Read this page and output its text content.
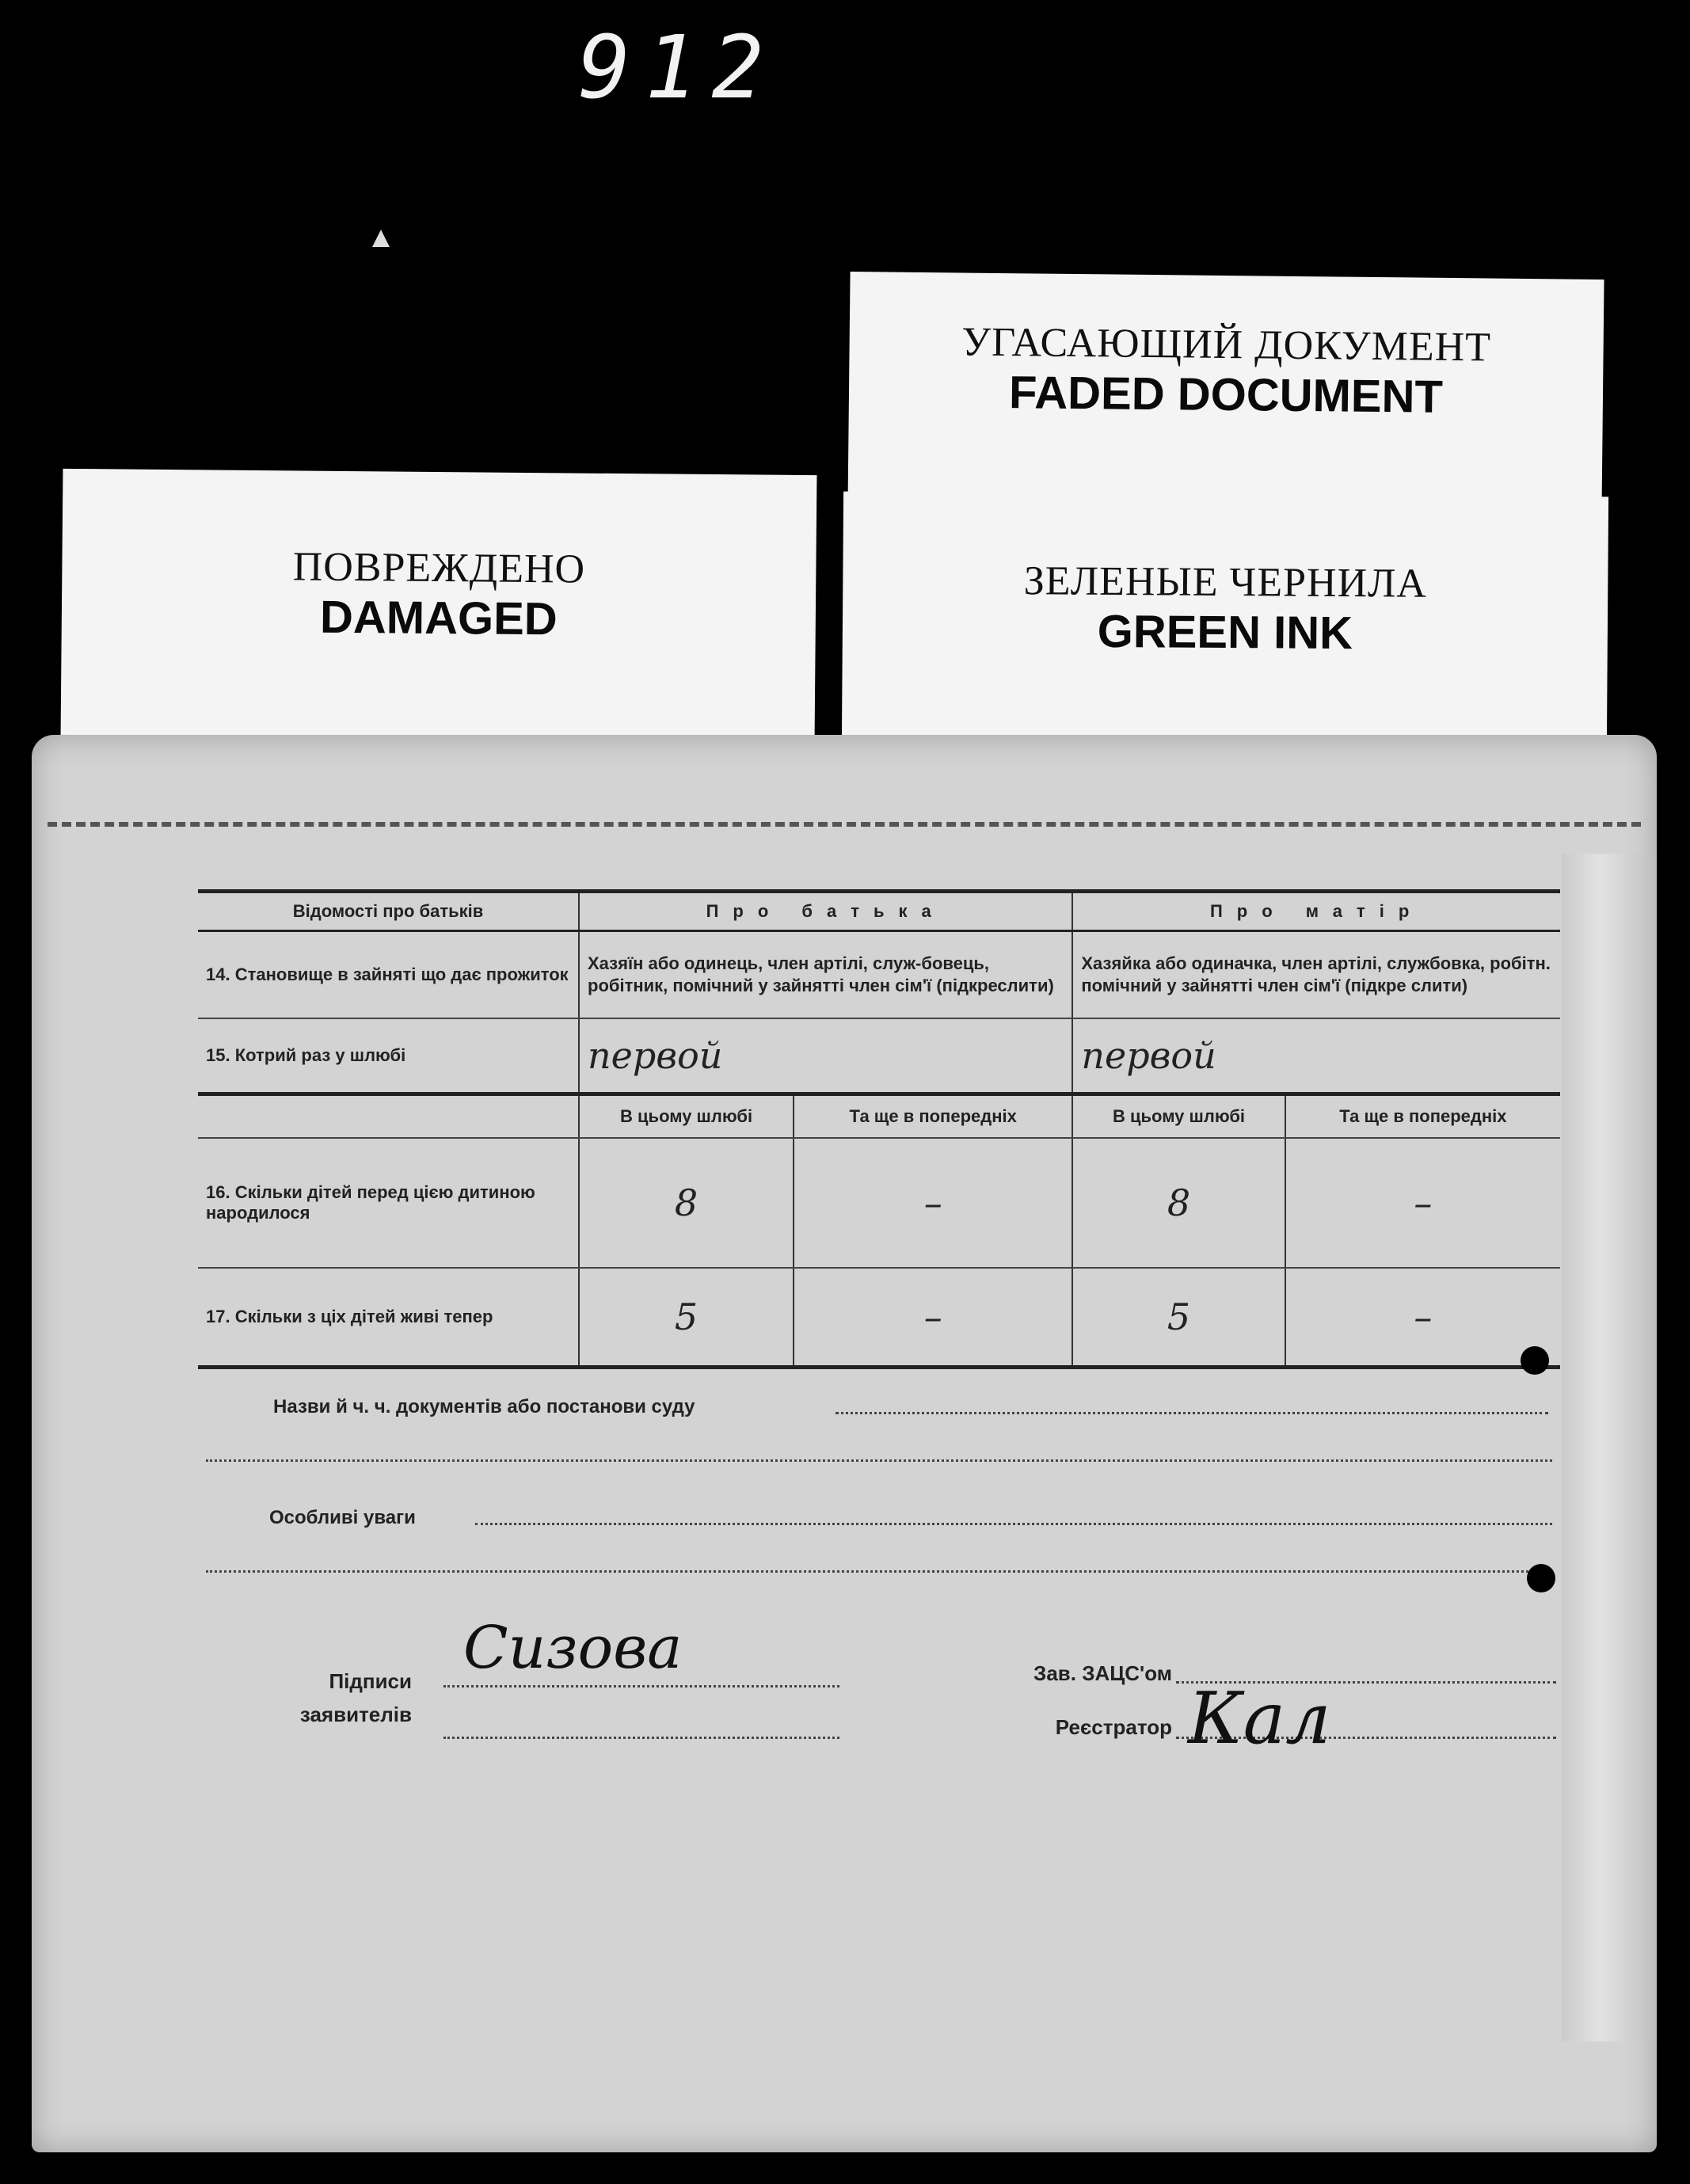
912
УГАСАЮЩИЙ ДОКУМЕНТ
FADED DOCUMENT
ПОВРЕЖДЕНО
DAMAGED
ЗЕЛЕНЫЕ ЧЕРНИЛА
GREEN INK
Відомості про батьків	Про батька		Про матір	
14. Становище в зайняті що дає прожиток	Хазяїн або одинець, член артілі, служ-бовець, робітник, помічний у зайнятті член сім'ї (підкреслити)		Хазяйка або одиначка, член артілі, службовка, робітн. помічний у зайнятті член сім'ї (підкре слити)	
15. Котрий раз у шлюбі	первой		первой	
	В цьому шлюбі	Та ще в попередніх	В цьому шлюбі	Та ще в попередніх
16. Скільки дітей перед цією дитиною народилося	8	–	8	–
17. Скільки з ціх дітей живі тепер	5	–	5	–
Назви й ч. ч. документів або постанови суду
Особливі уваги
Підписи
заявителів
Сизова	Зав. ЗАЦС'ом
Реєстратор Кал
